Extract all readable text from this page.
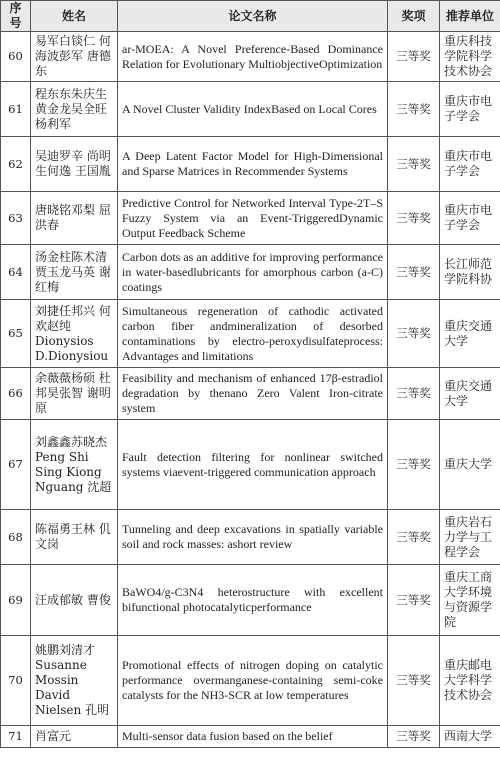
序号	姓名	论文名称	奖项	推荐单位
60	易军白锬仁 何海波彭军 唐德东	ar-MOEA: A Novel Preference-Based Dominance Relation for Evolutionary MultiobjectiveOptimization	三等奖	重庆科技学院科学技术协会
61	程东东朱庆生 黄金龙吴全旺 杨利军	A Novel Cluster Validity IndexBased on Local Cores	三等奖	重庆市电子学会
62	吴迪罗辛 尚明生何逸 王国胤	A Deep Latent Factor Model for High-Dimensional and Sparse Matrices in Recommender Systems	三等奖	重庆市电子学会
63	唐晓铭邓梨 屈洪春	Predictive Control for Networked Interval Type-2T–S Fuzzy System via an Event-TriggeredDynamic Output Feedback Scheme	三等奖	重庆市电子学会
64	汤金柱陈术清 贾玉龙马英 谢红梅	Carbon dots as an additive for improving performance in water-basedlubricants for amorphous carbon (a-C) coatings	三等奖	长江师范学院科协
65	刘捷任邦兴 何欢赵纯 Dionysios D.Dionysiou	Simultaneous regeneration of cathodic activated carbon fiber andmineralization of desorbed contaminations by electro-peroxydisulfateprocess: Advantages and limitations	三等奖	重庆交通大学
66	余薇薇杨硕 杜邦昊张智 谢明原	Feasibility and mechanism of enhanced 17β-estradiol degradation by thenano Zero Valent Iron-citrate system	三等奖	重庆交通大学
67	刘鑫鑫苏晓杰 Peng Shi Sing Kiong Nguang 沈超	Fault detection filtering for nonlinear switched systems viaevent-triggered communication approach	三等奖	重庆大学
68	陈福勇王林 仉文岗	Tunneling and deep excavations in spatially variable soil and rock masses: ashort review	三等奖	重庆岩石力学与工程学会
69	汪成郁敏 曹俊	BaWO4/g-C3N4 heterostructure with excellent bifunctional photocatalyticperformance	三等奖	重庆工商大学环境与资源学院
70	姚鹏刘清才 Susanne Mossin David Nielsen 孔明	Promotional effects of nitrogen doping on catalytic performance overmanganese-containing semi-coke catalysts for the NH3-SCR at low temperatures	三等奖	重庆邮电大学科学技术协会
71	肖富元	Multi-sensor data fusion based on the belief	三等奖	西南大学
